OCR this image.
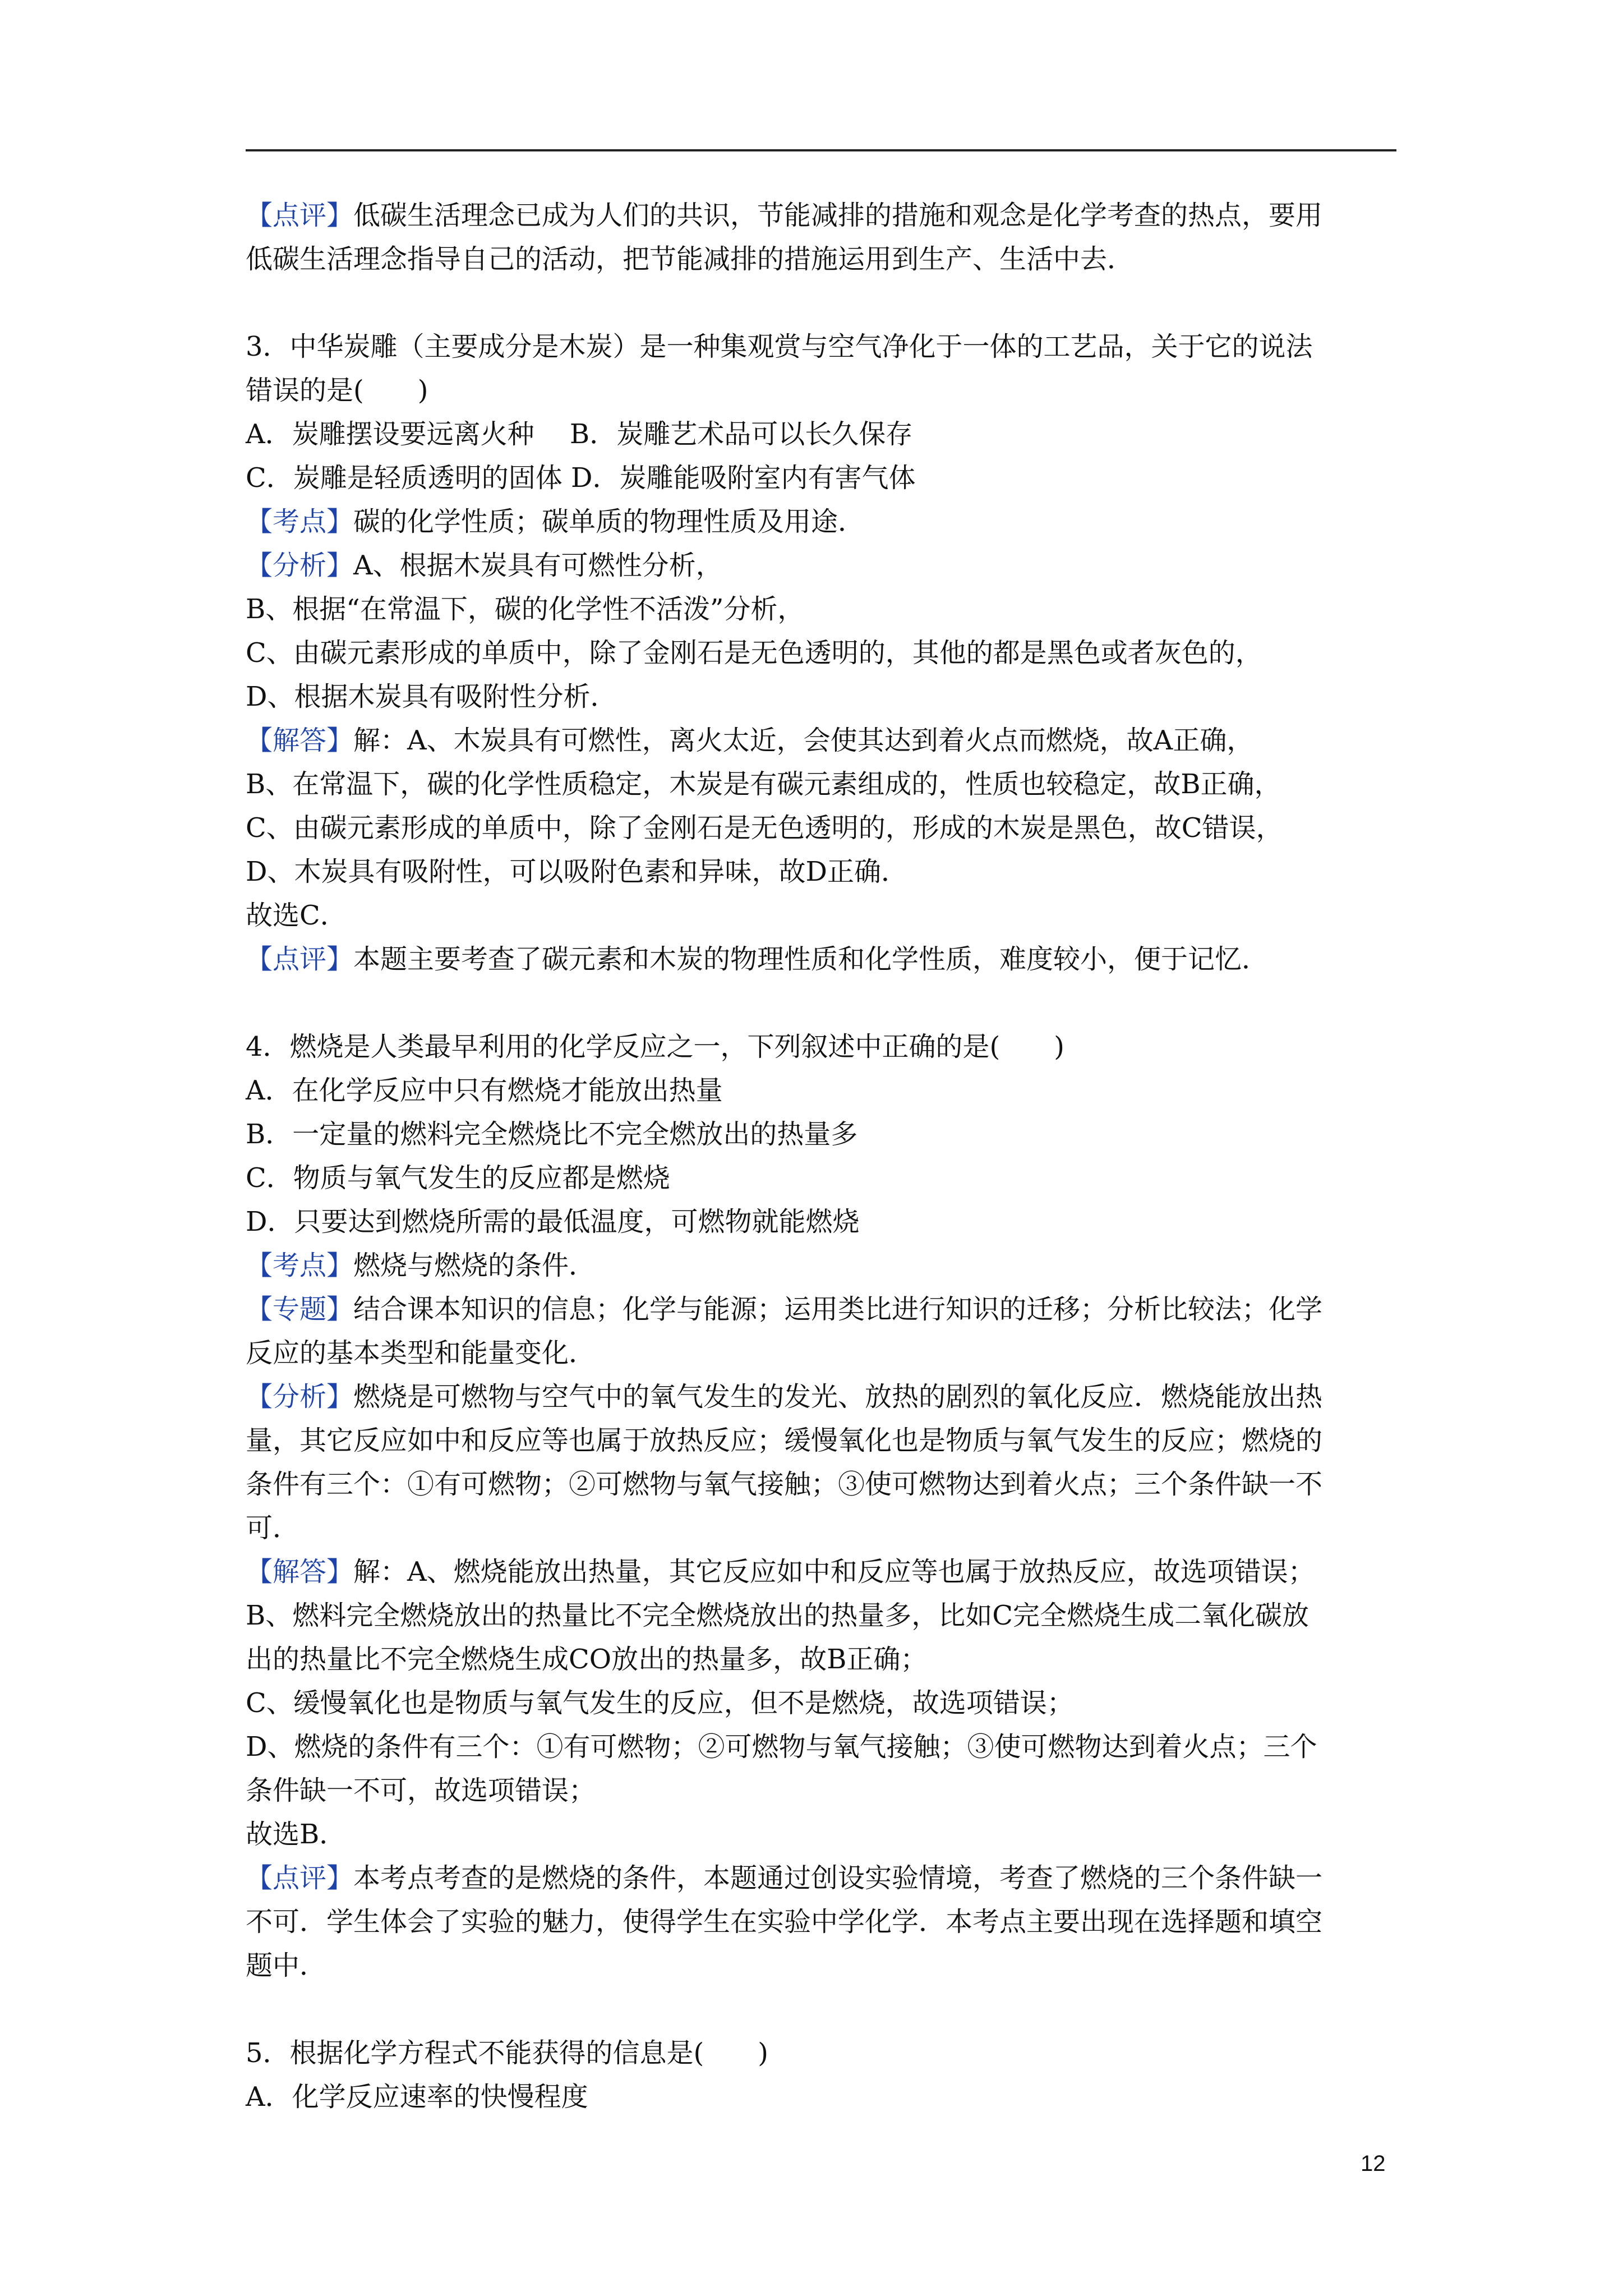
【点评】低碳生活理念已成为人们的共识，节能减排的措施和观念是化学考查的热点，要用
低碳生活理念指导自己的活动，把节能减排的措施运用到生产、生活中去．
3．中华炭雕（主要成分是木炭）是一种集观赏与空气净化于一体的工艺品，关于它的说法
错误的是(　　)
A．炭雕摆设要远离火种　 B．炭雕艺术品可以长久保存
C．炭雕是轻质透明的固体 D．炭雕能吸附室内有害气体
【考点】碳的化学性质；碳单质的物理性质及用途．
【分析】A、根据木炭具有可燃性分析，
B、根据“在常温下，碳的化学性不活泼”分析，
C、由碳元素形成的单质中，除了金刚石是无色透明的，其他的都是黑色或者灰色的，
D、根据木炭具有吸附性分析．
【解答】解：A、木炭具有可燃性，离火太近，会使其达到着火点而燃烧，故A正确，
B、在常温下，碳的化学性质稳定，木炭是有碳元素组成的，性质也较稳定，故B正确，
C、由碳元素形成的单质中，除了金刚石是无色透明的，形成的木炭是黑色，故C错误，
D、木炭具有吸附性，可以吸附色素和异味，故D正确．
故选C．
【点评】本题主要考查了碳元素和木炭的物理性质和化学性质，难度较小，便于记忆．
4．燃烧是人类最早利用的化学反应之一，下列叙述中正确的是(　　)
A．在化学反应中只有燃烧才能放出热量
B．一定量的燃料完全燃烧比不完全燃放出的热量多
C．物质与氧气发生的反应都是燃烧
D．只要达到燃烧所需的最低温度，可燃物就能燃烧
【考点】燃烧与燃烧的条件．
【专题】结合课本知识的信息；化学与能源；运用类比进行知识的迁移；分析比较法；化学
反应的基本类型和能量变化．
【分析】燃烧是可燃物与空气中的氧气发生的发光、放热的剧烈的氧化反应．燃烧能放出热
量，其它反应如中和反应等也属于放热反应；缓慢氧化也是物质与氧气发生的反应；燃烧的
条件有三个：①有可燃物；②可燃物与氧气接触；③使可燃物达到着火点；三个条件缺一不
可．
【解答】解：A、燃烧能放出热量，其它反应如中和反应等也属于放热反应，故选项错误；
B、燃料完全燃烧放出的热量比不完全燃烧放出的热量多，比如C完全燃烧生成二氧化碳放
出的热量比不完全燃烧生成CO放出的热量多，故B正确；
C、缓慢氧化也是物质与氧气发生的反应，但不是燃烧，故选项错误；
D、燃烧的条件有三个：①有可燃物；②可燃物与氧气接触；③使可燃物达到着火点；三个
条件缺一不可，故选项错误；
故选B．
【点评】本考点考查的是燃烧的条件，本题通过创设实验情境，考查了燃烧的三个条件缺一
不可．学生体会了实验的魅力，使得学生在实验中学化学．本考点主要出现在选择题和填空
题中．
5．根据化学方程式不能获得的信息是(　　)
A．化学反应速率的快慢程度
12
